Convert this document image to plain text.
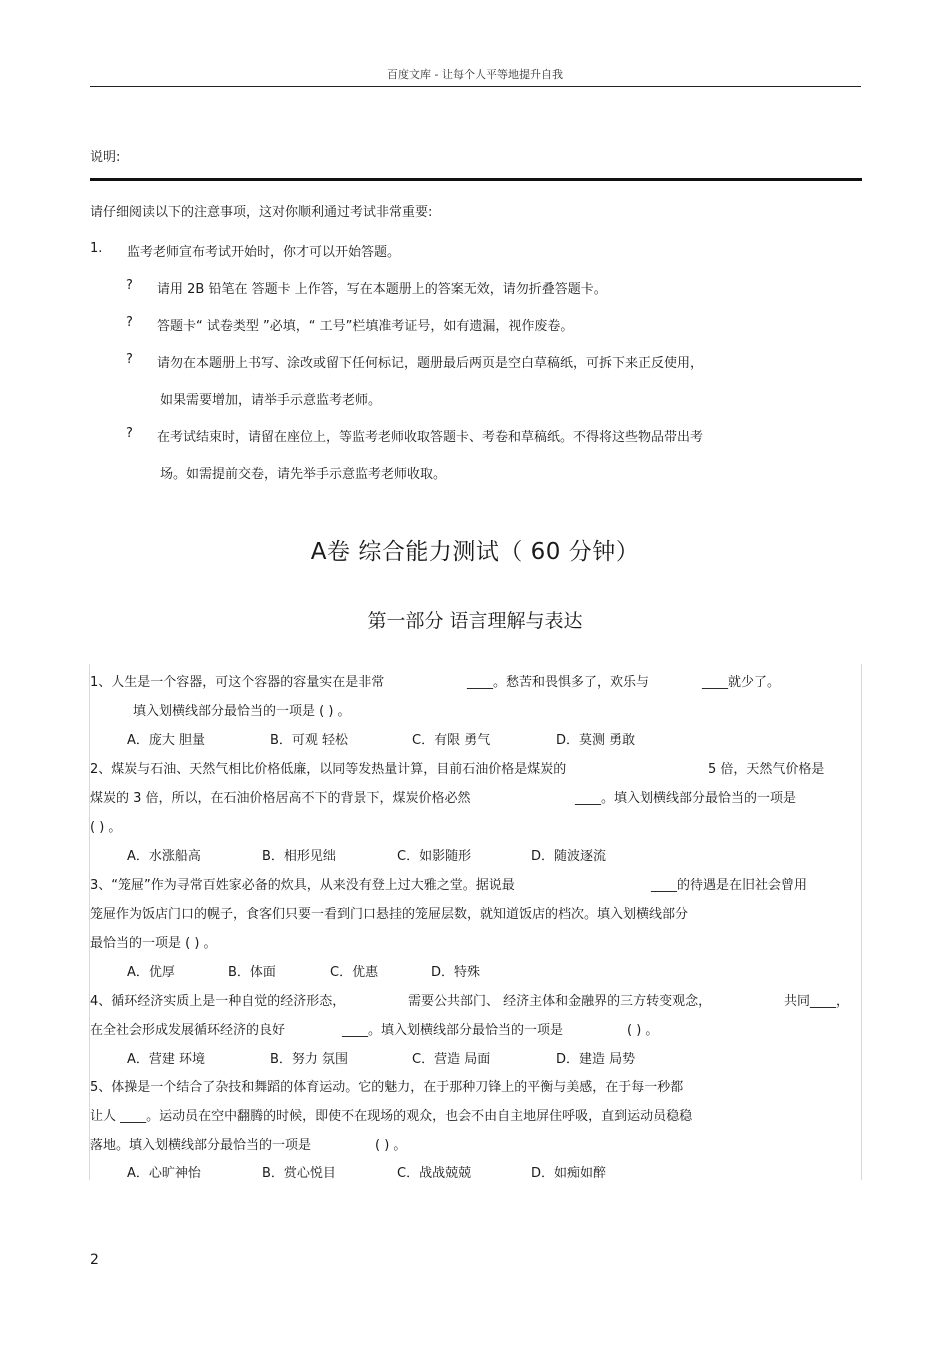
百度文库 - 让每个人平等地提升自我
说明:
请仔细阅读以下的注意事项，这对你顺利通过考试非常重要:
1. 监考老师宣布考试开始时，你才可以开始答题。
? 请用 2B 铅笔在 答题卡 上作答，写在本题册上的答案无效，请勿折叠答题卡。
? 答题卡“ 试卷类型 ”必填，“ 工号”栏填准考证号，如有遗漏，视作废卷。
? 请勿在本题册上书写、涂改或留下任何标记，题册最后两页是空白草稿纸，可拆下来正反使用，
如果需要增加，请举手示意监考老师。
? 在考试结束时，请留在座位上，等监考老师收取答题卡、考卷和草稿纸。不得将这些物品带出考
场。如需提前交卷，请先举手示意监考老师收取。
A卷 综合能力测试（ 60 分钟）
第一部分 语言理解与表达
1、人生是一个容器，可这个容器的容量实在是非常	____。愁苦和畏惧多了，欢乐与	____就少了。
填入划横线部分最恰当的一项是 ( ) 。
A．庞大 胆量	B．可观 轻松	C．有限 勇气	D．莫测 勇敢
2、煤炭与石油、天然气相比价格低廉，以同等发热量计算，目前石油价格是煤炭的	5 倍，天然气价格是
煤炭的 3 倍，所以，在石油价格居高不下的背景下，煤炭价格必然	____。填入划横线部分最恰当的一项是
( ) 。
A．水涨船高	B．相形见绌	C．如影随形	D．随波逐流
3、“笼屉”作为寻常百姓家必备的炊具，从来没有登上过大雅之堂。据说最	____的待遇是在旧社会曾用
笼屉作为饭店门口的幌子，食客们只要一看到门口悬挂的笼屉层数，就知道饭店的档次。填入划横线部分
最恰当的一项是 ( ) 。
A．优厚	B．体面	C．优惠	D．特殊
4、循环经济实质上是一种自觉的经济形态，	需要公共部门、 经济主体和金融界的三方转变观念，	共同____，
在全社会形成发展循环经济的良好	____。填入划横线部分最恰当的一项是	( ) 。
A．营建 环境	B．努力 氛围	C．营造 局面	D．建造 局势
5、体操是一个结合了杂技和舞蹈的体育运动。它的魅力，在于那种刀锋上的平衡与美感，在于每一秒都
让人 ____。运动员在空中翻腾的时候，即使不在现场的观众，也会不由自主地屏住呼吸，直到运动员稳稳
落地。填入划横线部分最恰当的一项是	( ) 。
A．心旷神怡	B．赏心悦目	C．战战兢兢	D．如痴如醉
2
